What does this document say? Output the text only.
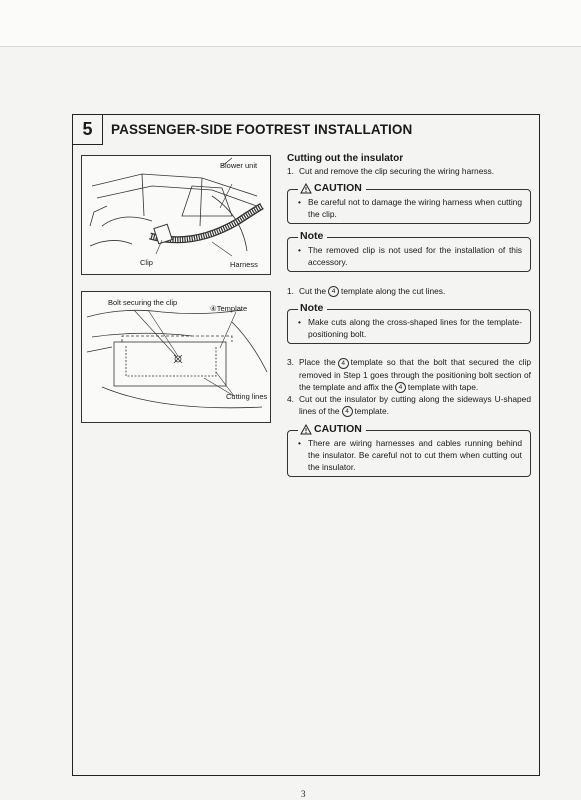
5	PASSENGER-SIDE FOOTREST INSTALLATION
Blower unit
Clip	Harness
Bolt securing the clip
④Template
Cutting lines
Cutting out the insulator
1. Cut and remove the clip securing the wiring harness.
CAUTION
• Be careful not to damage the wiring harness when cutting the clip.
Note
• The removed clip is not used for the installation of this accessory.
1. Cut the 4 template along the cut lines.
Note
• Make cuts along the cross-shaped lines for the template-positioning bolt.
3. Place the 4 template so that the bolt that secured the clip removed in Step 1 goes through the positioning bolt section of the template and affix the 4 template with tape.
4. Cut out the insulator by cutting along the sideways U-shaped lines of the 4 template.
CAUTION
• There are wiring harnesses and cables running behind the insulator. Be careful not to cut them when cutting out the insulator.
3
